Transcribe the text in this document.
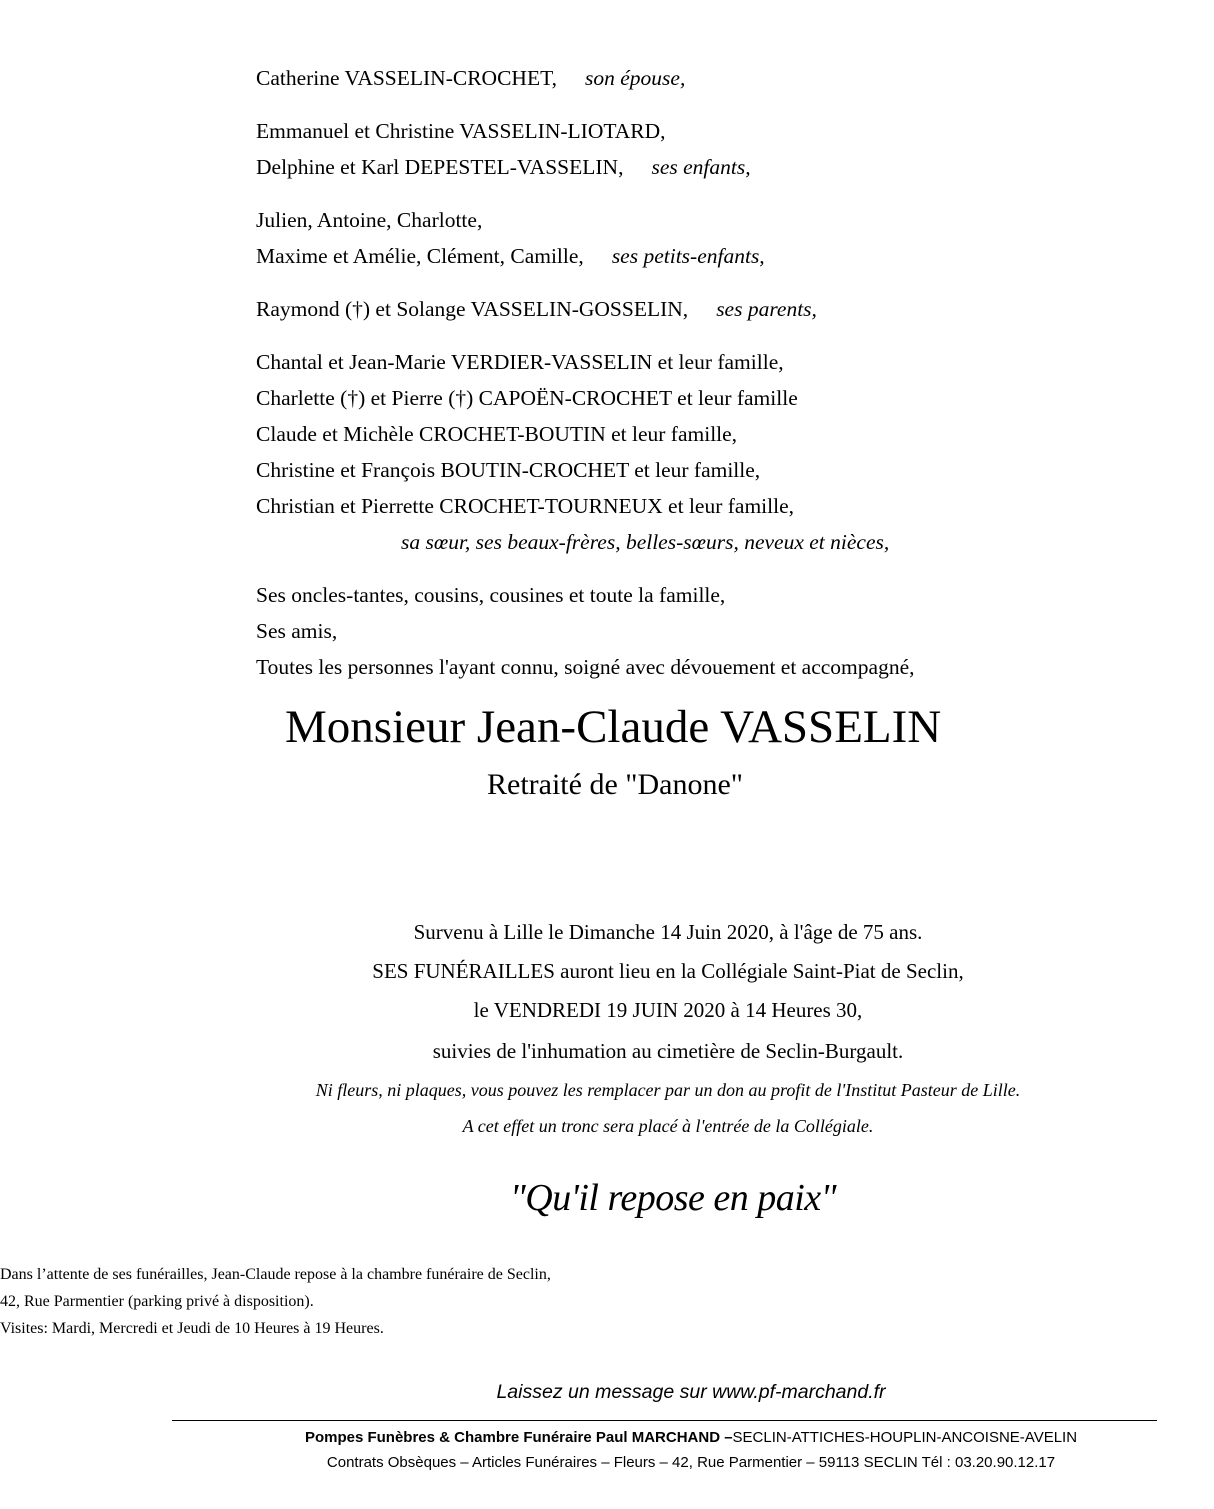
Catherine VASSELIN-CROCHET, son épouse,
Emmanuel et Christine VASSELIN-LIOTARD,
Delphine et Karl DEPESTEL-VASSELIN, ses enfants,
Julien, Antoine, Charlotte,
Maxime et Amélie, Clément, Camille, ses petits-enfants,
Raymond (†) et Solange VASSELIN-GOSSELIN, ses parents,
Chantal et Jean-Marie VERDIER-VASSELIN et leur famille,
Charlette (†) et Pierre (†) CAPOËN-CROCHET et leur famille
Claude et Michèle CROCHET-BOUTIN et leur famille,
Christine et François BOUTIN-CROCHET et leur famille,
Christian et Pierrette CROCHET-TOURNEUX et leur famille,
sa sœur, ses beaux-frères, belles-sœurs, neveux et nièces,
Ses oncles-tantes, cousins, cousines et toute la famille,
Ses amis,
Toutes les personnes l'ayant connu, soigné avec dévouement et accompagné,
Monsieur Jean-Claude VASSELIN
Retraité de "Danone"
Survenu à Lille le Dimanche 14 Juin 2020, à l'âge de 75 ans.
SES FUNÉRAILLES auront lieu en la Collégiale Saint-Piat de Seclin,
le VENDREDI 19 JUIN 2020 à 14 Heures 30,
suivies de l'inhumation au cimetière de Seclin-Burgault.
Ni fleurs, ni plaques, vous pouvez les remplacer par un don au profit de l'Institut Pasteur de Lille.
A cet effet un tronc sera placé à l'entrée de la Collégiale.
"Qu'il repose en paix"
Dans l’attente de ses funérailles, Jean-Claude repose à la chambre funéraire de Seclin,
42, Rue Parmentier (parking privé à disposition).
Visites: Mardi, Mercredi et Jeudi de 10 Heures à 19 Heures.
Laissez un message sur www.pf-marchand.fr
Pompes Funèbres & Chambre Funéraire Paul MARCHAND –SECLIN-ATTICHES-HOUPLIN-ANCOISNE-AVELIN
Contrats Obsèques – Articles Funéraires – Fleurs – 42, Rue Parmentier – 59113 SECLIN Tél : 03.20.90.12.17
